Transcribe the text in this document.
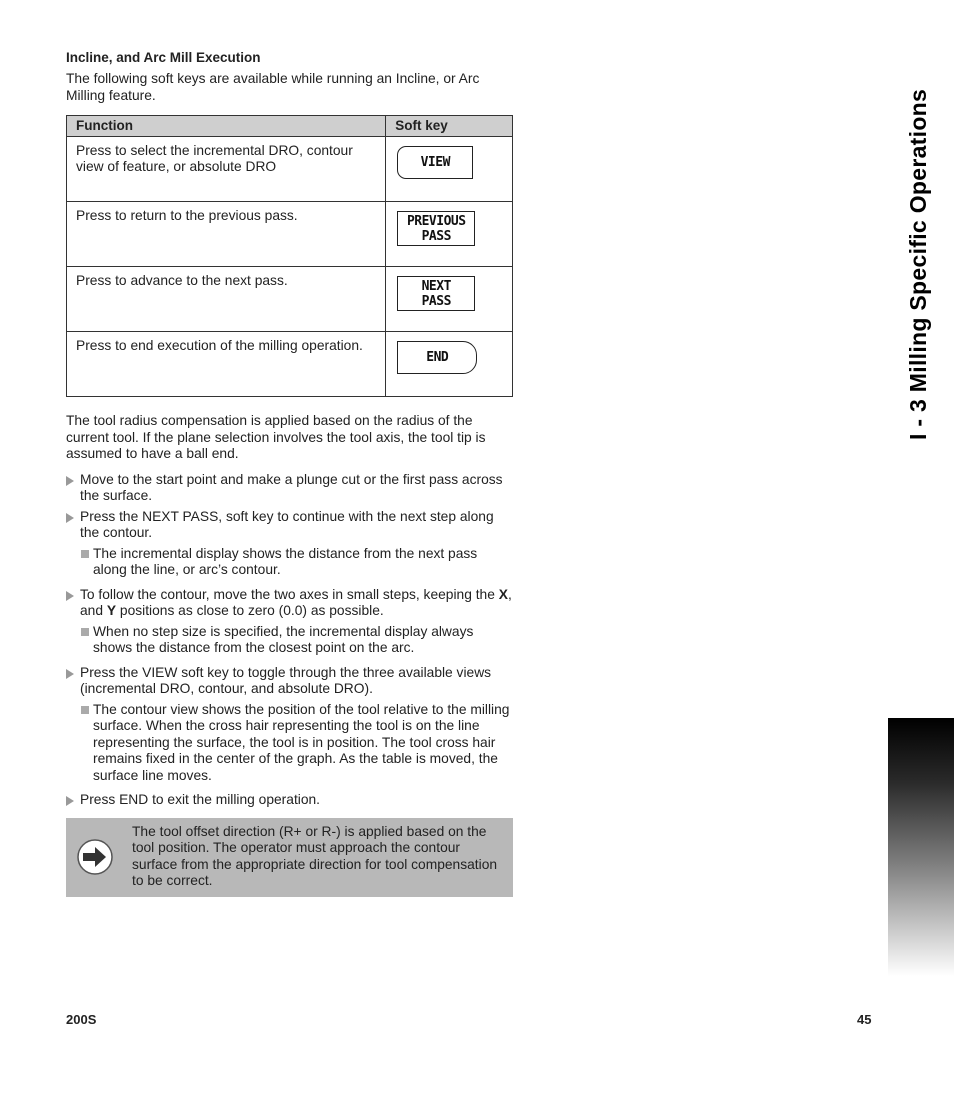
Incline, and Arc Mill Execution

The following soft keys are available while running an Incline, or Arc Milling feature.

Function	Soft key
Press to select the incremental DRO, contour view of feature, or absolute DRO	VIEW

Press to return to the previous pass.	PREVIOUS
PASS

Press to advance to the next pass.	NEXT
PASS

Press to end execution of the milling operation.	END

The tool radius compensation is applied based on the radius of the current tool. If the plane selection involves the tool axis, the tool tip is assumed to have a ball end.

Move to the start point and make a plunge cut or the first pass across the surface.
Press the NEXT PASS, soft key to continue with the next step along the contour.
The incremental display shows the distance from the next pass along the line, or arc’s contour.
To follow the contour, move the two axes in small steps, keeping the X, and Y positions as close to zero (0.0) as possible.
When no step size is specified, the incremental display always shows the distance from the closest point on the arc.
Press the VIEW soft key to toggle through the three available views (incremental DRO, contour, and absolute DRO).
The contour view shows the position of the tool relative to the milling surface. When the cross hair representing the tool is on the line representing the surface, the tool is in position. The tool cross hair remains fixed in the center of the graph. As the table is moved, the surface line moves.
Press END to exit the milling operation.

The tool offset direction (R+ or R-) is applied based on the tool position. The operator must approach the contour surface from the appropriate direction for tool compensation to be correct.

I - 3 Milling Specific Operations
200S	45
